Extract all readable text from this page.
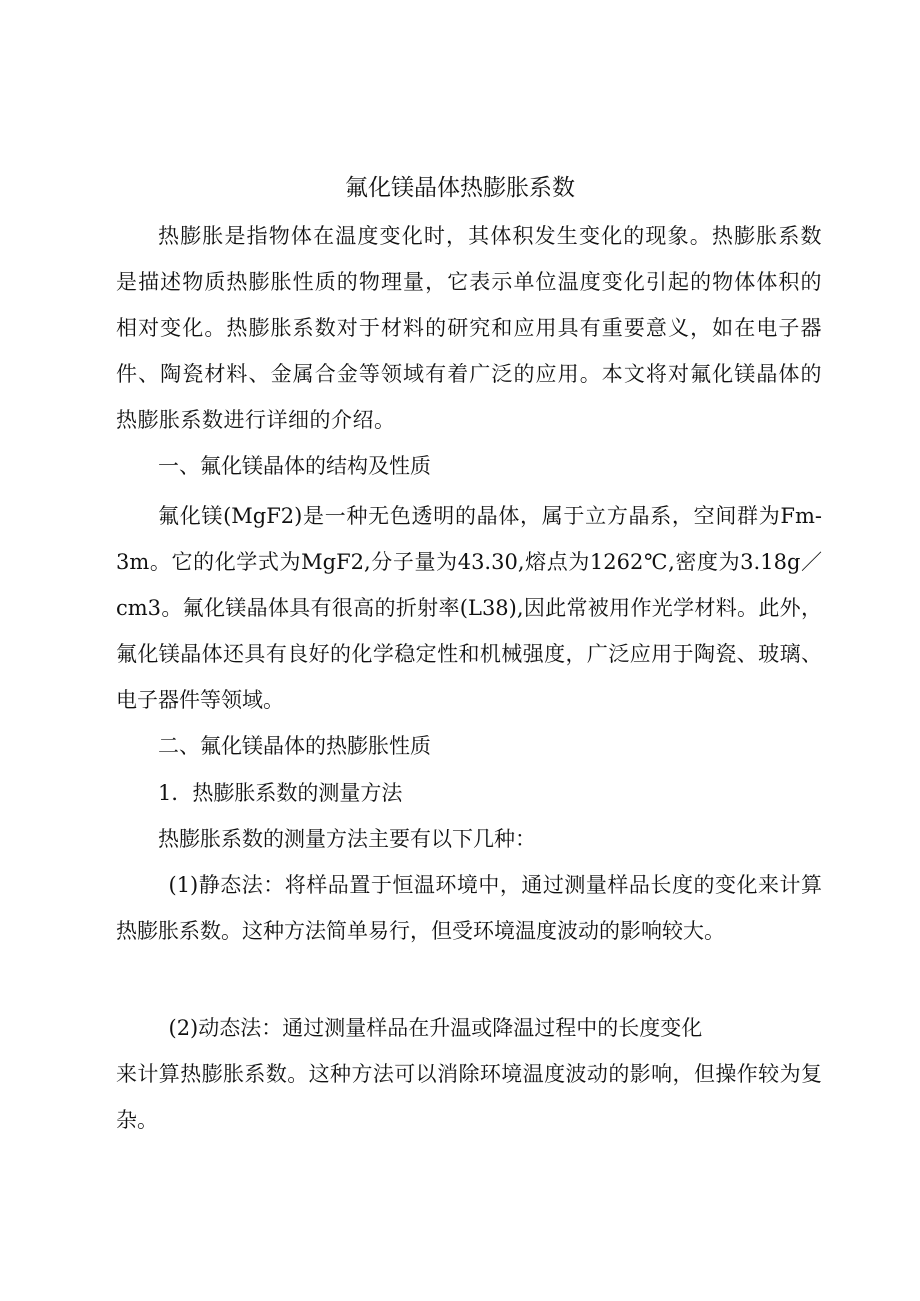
氟化镁晶体热膨胀系数

热膨胀是指物体在温度变化时，其体积发生变化的现象。热膨胀系数是描述物质热膨胀性质的物理量，它表示单位温度变化引起的物体体积的相对变化。热膨胀系数对于材料的研究和应用具有重要意义，如在电子器件、陶瓷材料、金属合金等领域有着广泛的应用。本文将对氟化镁晶体的热膨胀系数进行详细的介绍。

一、氟化镁晶体的结构及性质

氟化镁(MgF2)是一种无色透明的晶体，属于立方晶系，空间群为Fm-3m。它的化学式为MgF2,分子量为43.30,熔点为1262℃,密度为3.18g／cm3。氟化镁晶体具有很高的折射率(L38),因此常被用作光学材料。此外，氟化镁晶体还具有良好的化学稳定性和机械强度，广泛应用于陶瓷、玻璃、电子器件等领域。

二、氟化镁晶体的热膨胀性质

1．热膨胀系数的测量方法

热膨胀系数的测量方法主要有以下几种：

(1)静态法：将样品置于恒温环境中，通过测量样品长度的变化来计算热膨胀系数。这种方法简单易行，但受环境温度波动的影响较大。

(2)动态法：通过测量样品在升温或降温过程中的长度变化

来计算热膨胀系数。这种方法可以消除环境温度波动的影响，但操作较为复杂。
